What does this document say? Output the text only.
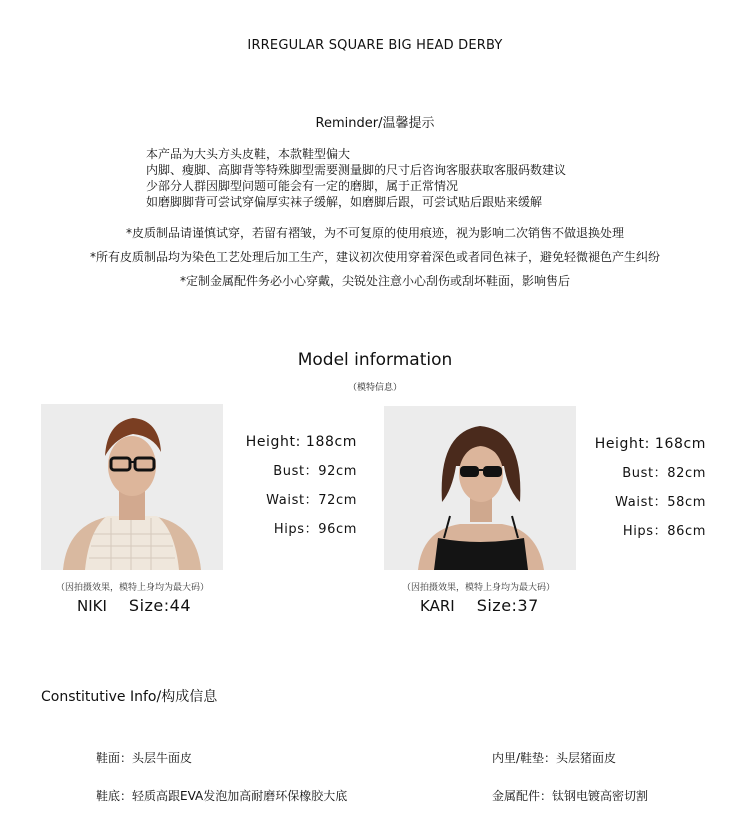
IRREGULAR SQUARE BIG HEAD DERBY
Reminder/温馨提示
本产品为大头方头皮鞋，本款鞋型偏大
内脚、瘦脚、高脚背等特殊脚型需要测量脚的尺寸后咨询客服获取客服码数建议
少部分人群因脚型问题可能会有一定的磨脚，属于正常情况
如磨脚脚背可尝试穿偏厚实袜子缓解，如磨脚后跟，可尝试贴后跟贴来缓解
*皮质制品请谨慎试穿，若留有褶皱，为不可复原的使用痕迹，视为影响二次销售不做退换处理
*所有皮质制品均为染色工艺处理后加工生产，建议初次使用穿着深色或者同色袜子，避免轻微褪色产生纠纷
*定制金属配件务必小心穿戴，尖锐处注意小心刮伤或刮坏鞋面，影响售后
Model information
（模特信息）
Height: 188cm
Bust：92cm
Waist：72cm
Hips：96cm
（因拍摄效果，模特上身均为最大码）
NIKI Size:44
Height: 168cm
Bust：82cm
Waist：58cm
Hips：86cm
（因拍摄效果，模特上身均为最大码）
KARI Size:37
Constitutive Info/构成信息
鞋面：头层牛面皮	内里/鞋垫：头层猪面皮
鞋底：轻质高跟EVA发泡加高耐磨环保橡胶大底	金属配件：钛钢电镀高密切割
